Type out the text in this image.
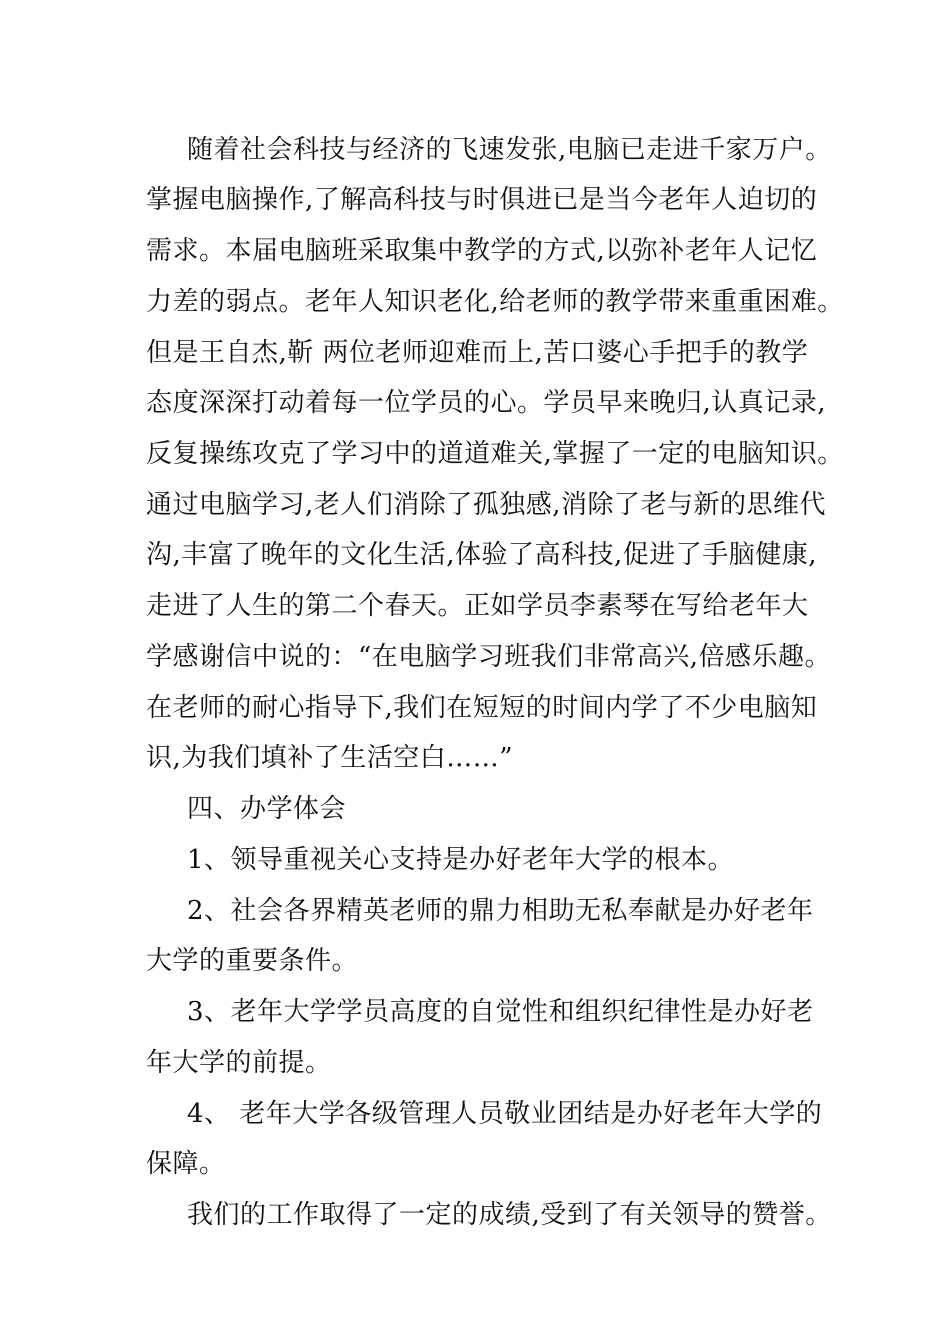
随着社会科技与经济的飞速发张,电脑已走进千家万户。
掌握电脑操作,了解高科技与时俱进已是当今老年人迫切的
需求。本届电脑班采取集中教学的方式,以弥补老年人记忆
力差的弱点。老年人知识老化,给老师的教学带来重重困难。
但是王自杰,靳 两位老师迎难而上,苦口婆心手把手的教学
态度深深打动着每一位学员的心。学员早来晚归,认真记录,
反复操练攻克了学习中的道道难关,掌握了一定的电脑知识。
通过电脑学习,老人们消除了孤独感,消除了老与新的思维代
沟,丰富了晚年的文化生活,体验了高科技,促进了手脑健康,
走进了人生的第二个春天。正如学员李素琴在写给老年大
学感谢信中说的：“在电脑学习班我们非常高兴,倍感乐趣。
在老师的耐心指导下,我们在短短的时间内学了不少电脑知
识,为我们填补了生活空白……”
四、办学体会
1、领导重视关心支持是办好老年大学的根本。
2、社会各界精英老师的鼎力相助无私奉献是办好老年
大学的重要条件。
3、老年大学学员高度的自觉性和组织纪律性是办好老
年大学的前提。
4、 老年大学各级管理人员敬业团结是办好老年大学的
保障。
我们的工作取得了一定的成绩,受到了有关领导的赞誉。
